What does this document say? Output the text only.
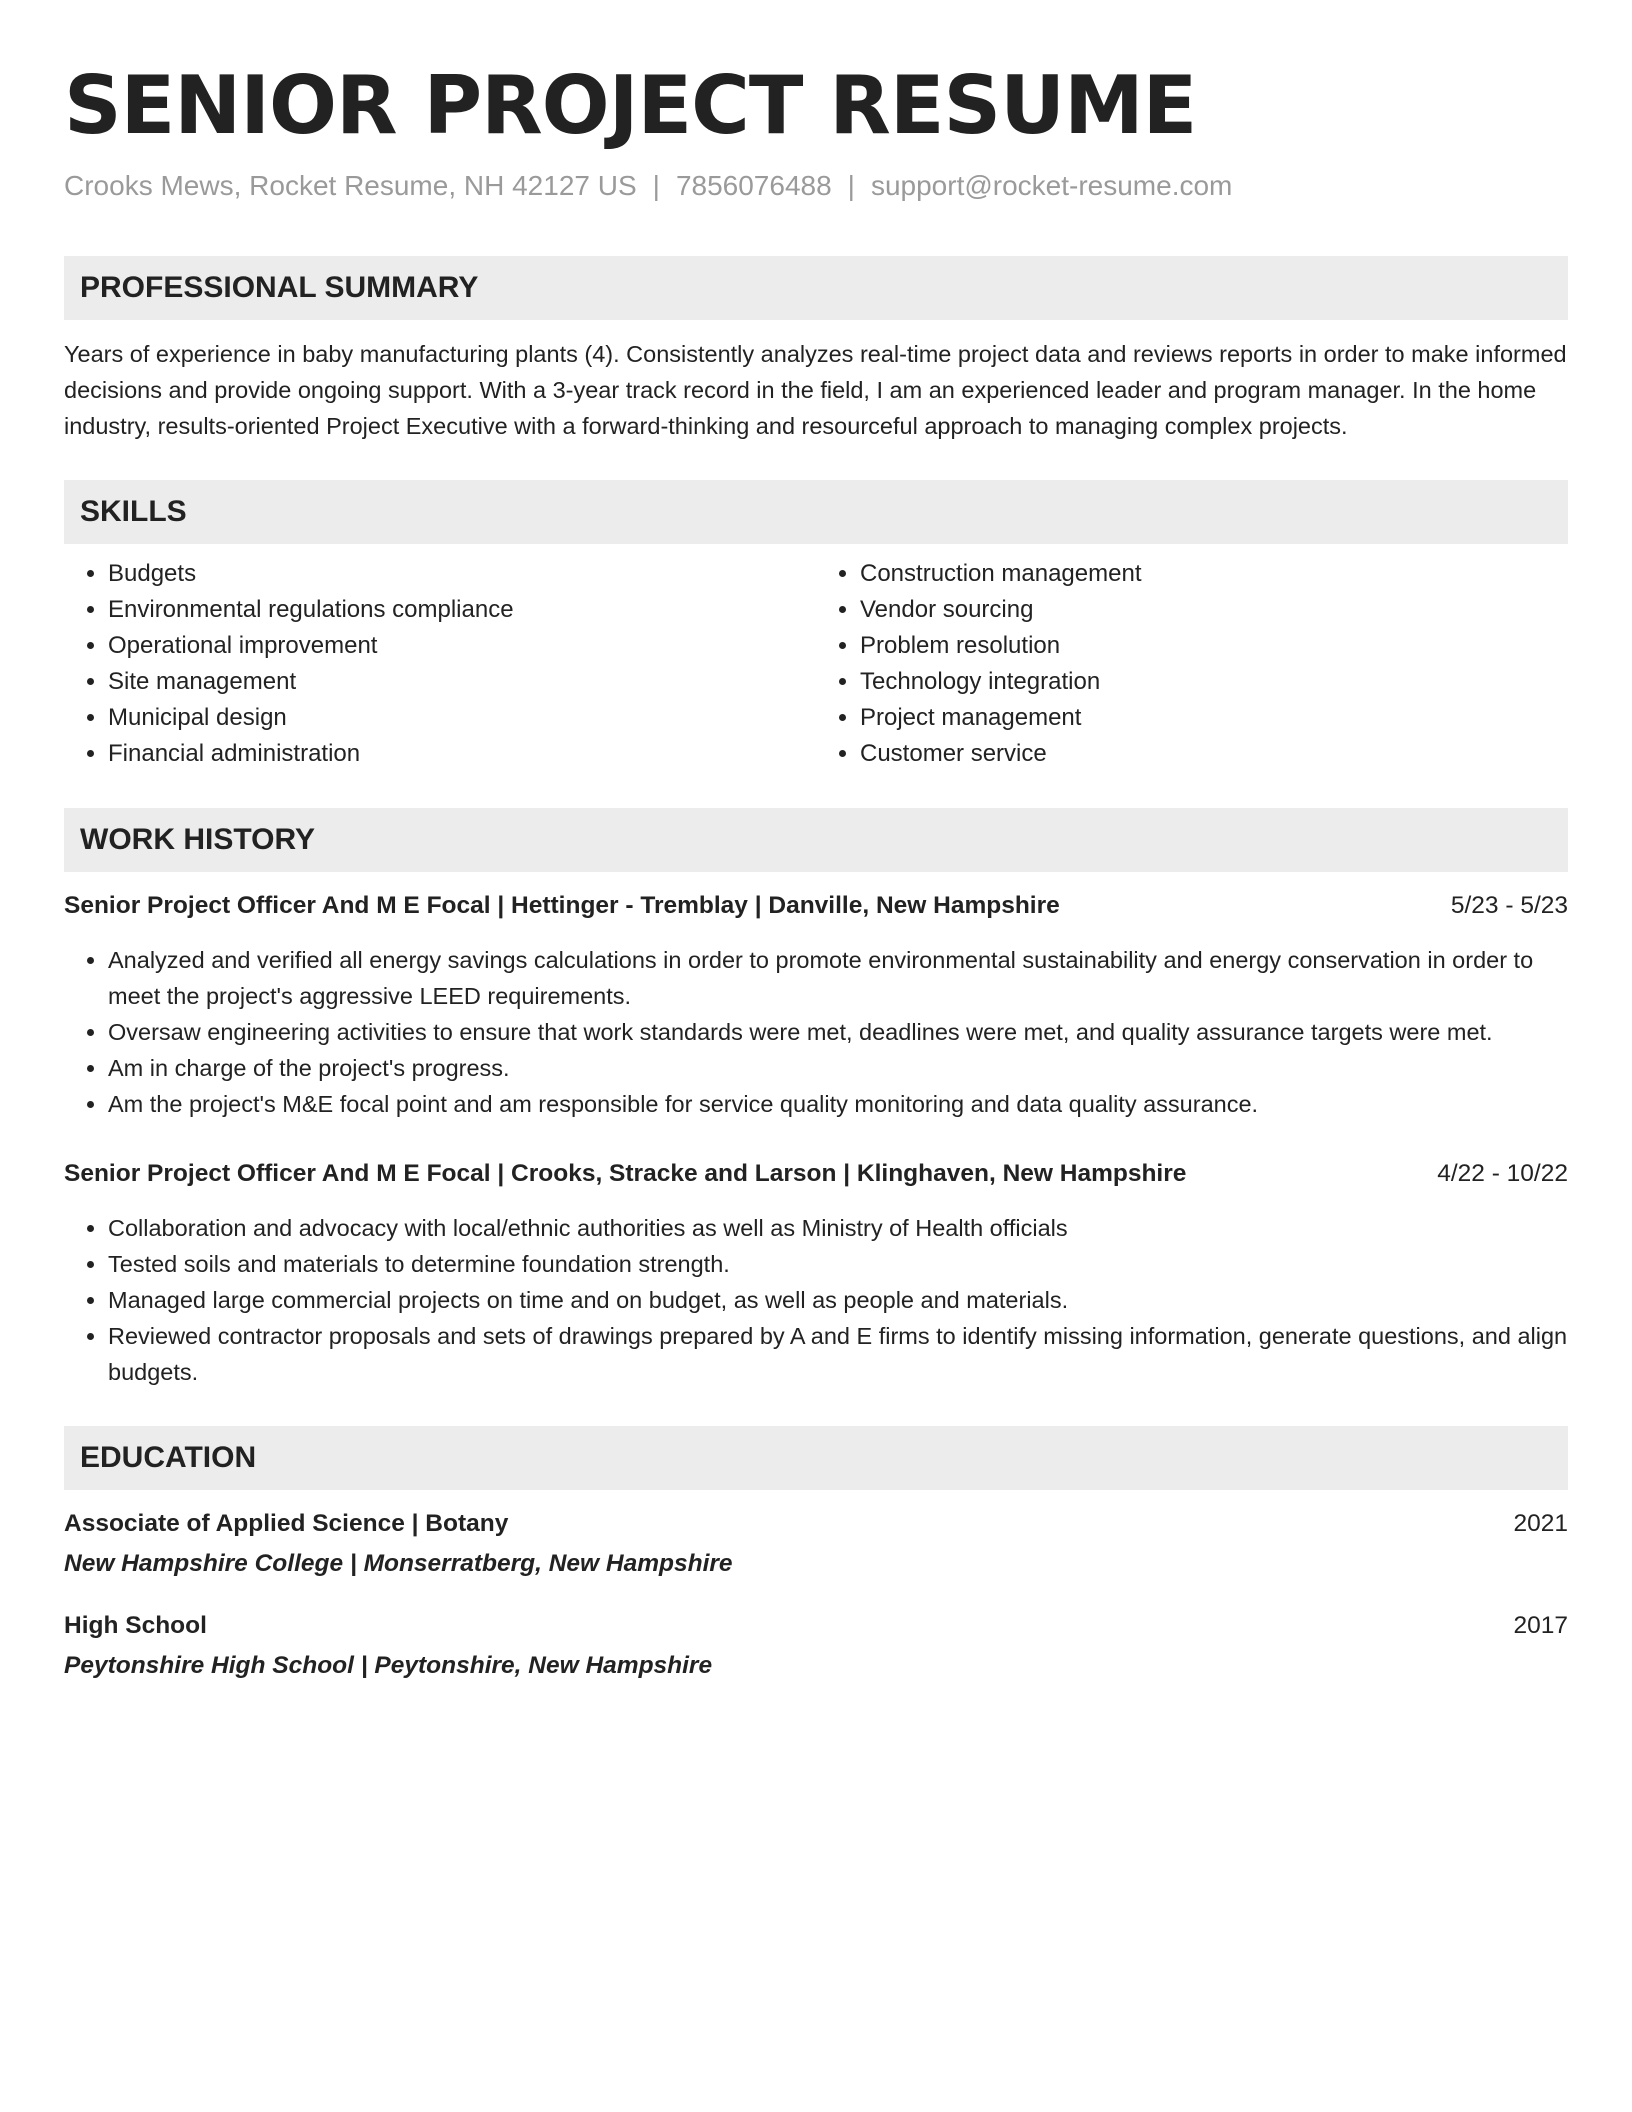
SENIOR PROJECT RESUME
Crooks Mews, Rocket Resume, NH 42127 US | 7856076488 | support@rocket-resume.com
PROFESSIONAL SUMMARY
Years of experience in baby manufacturing plants (4). Consistently analyzes real-time project data and reviews reports in order to make informed decisions and provide ongoing support. With a 3-year track record in the field, I am an experienced leader and program manager. In the home industry, results-oriented Project Executive with a forward-thinking and resourceful approach to managing complex projects.
SKILLS
• Budgets
• Environmental regulations compliance
• Operational improvement
• Site management
• Municipal design
• Financial administration
• Construction management
• Vendor sourcing
• Problem resolution
• Technology integration
• Project management
• Customer service
WORK HISTORY
Senior Project Officer And M E Focal | Hettinger - Tremblay | Danville, New Hampshire	5/23 - 5/23
• Analyzed and verified all energy savings calculations in order to promote environmental sustainability and energy conservation in order to meet the project's aggressive LEED requirements.
• Oversaw engineering activities to ensure that work standards were met, deadlines were met, and quality assurance targets were met.
• Am in charge of the project's progress.
• Am the project's M&E focal point and am responsible for service quality monitoring and data quality assurance.
Senior Project Officer And M E Focal | Crooks, Stracke and Larson | Klinghaven, New Hampshire	4/22 - 10/22
• Collaboration and advocacy with local/ethnic authorities as well as Ministry of Health officials
• Tested soils and materials to determine foundation strength.
• Managed large commercial projects on time and on budget, as well as people and materials.
• Reviewed contractor proposals and sets of drawings prepared by A and E firms to identify missing information, generate questions, and align budgets.
EDUCATION
Associate of Applied Science | Botany	2021
New Hampshire College | Monserratberg, New Hampshire
High School	2017
Peytonshire High School | Peytonshire, New Hampshire
